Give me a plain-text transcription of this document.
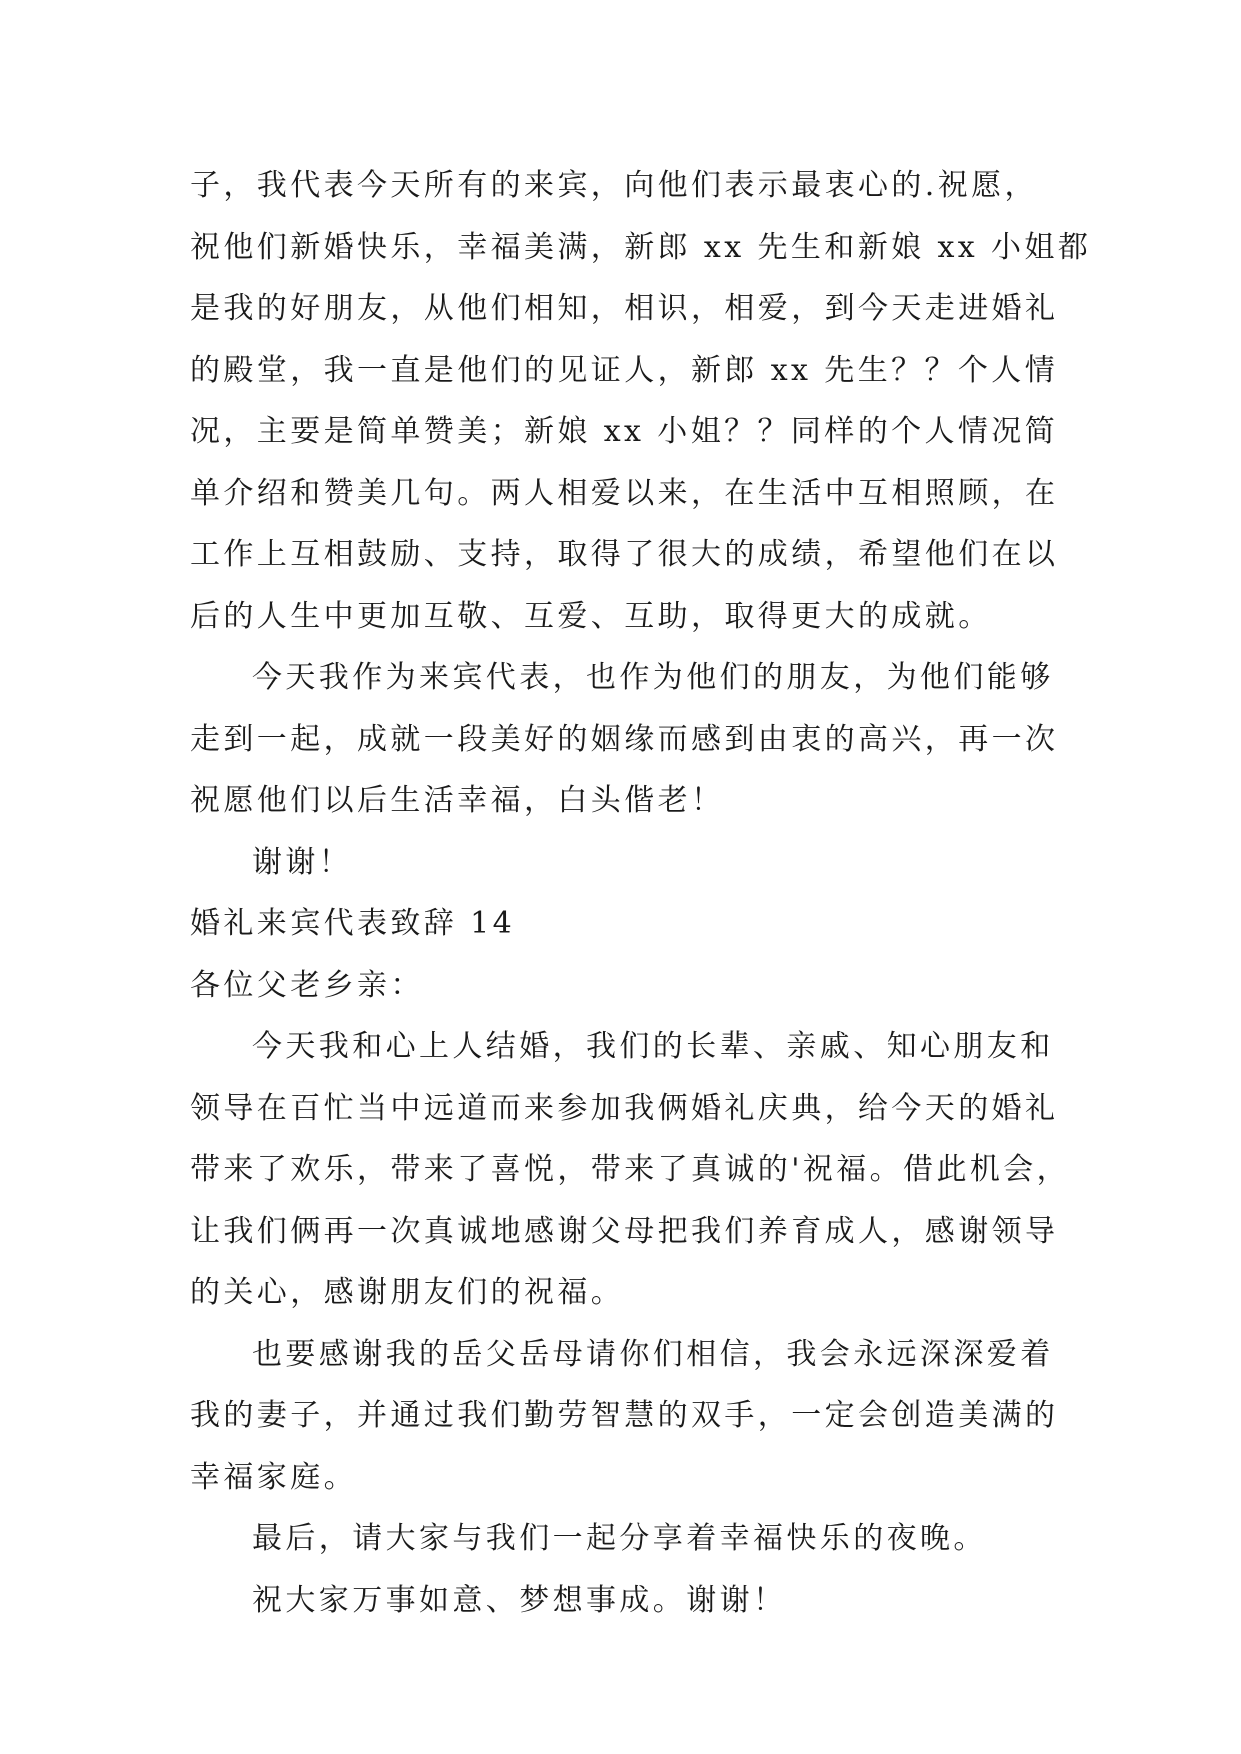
子，我代表今天所有的来宾，向他们表示最衷心的.祝愿，
祝他们新婚快乐，幸福美满，新郎 xx 先生和新娘 xx 小姐都
是我的好朋友，从他们相知，相识，相爱，到今天走进婚礼
的殿堂，我一直是他们的见证人，新郎 xx 先生？？个人情
况，主要是简单赞美；新娘 xx 小姐？？同样的个人情况简
单介绍和赞美几句。两人相爱以来，在生活中互相照顾，在
工作上互相鼓励、支持，取得了很大的成绩，希望他们在以
后的人生中更加互敬、互爱、互助，取得更大的成就。
今天我作为来宾代表，也作为他们的朋友，为他们能够
走到一起，成就一段美好的姻缘而感到由衷的高兴，再一次
祝愿他们以后生活幸福，白头偕老！
谢谢！
婚礼来宾代表致辞 14
各位父老乡亲：
今天我和心上人结婚，我们的长辈、亲戚、知心朋友和
领导在百忙当中远道而来参加我俩婚礼庆典，给今天的婚礼
带来了欢乐，带来了喜悦，带来了真诚的'祝福。借此机会，
让我们俩再一次真诚地感谢父母把我们养育成人，感谢领导
的关心，感谢朋友们的祝福。
也要感谢我的岳父岳母请你们相信，我会永远深深爱着
我的妻子，并通过我们勤劳智慧的双手，一定会创造美满的
幸福家庭。
最后，请大家与我们一起分享着幸福快乐的夜晚。
祝大家万事如意、梦想事成。谢谢！
